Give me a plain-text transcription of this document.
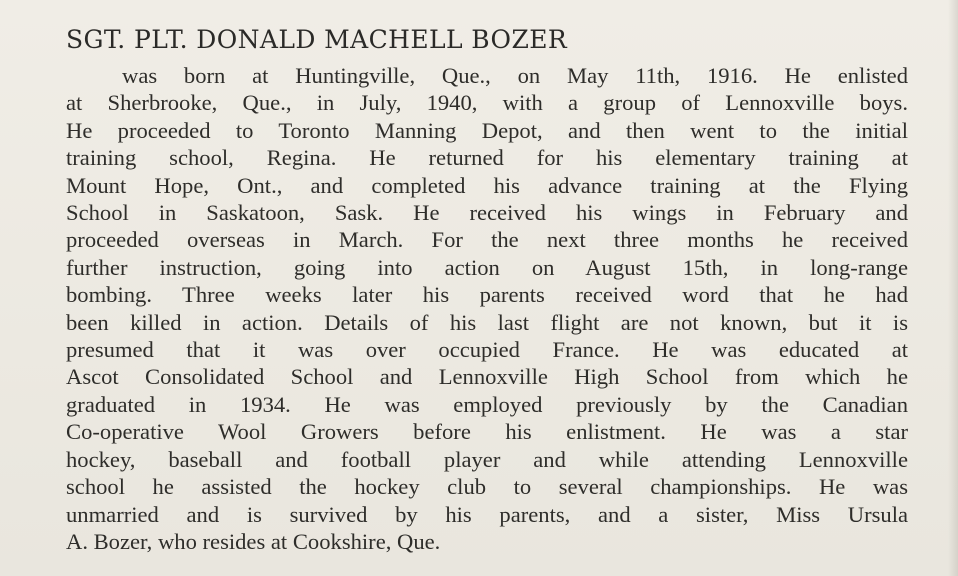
SGT. PLT. DONALD MACHELL BOZER
was born at Huntingville, Que., on May 11th, 1916. He enlisted
at Sherbrooke, Que., in July, 1940, with a group of Lennoxville boys.
He proceeded to Toronto Manning Depot, and then went to the initial
training school, Regina. He returned for his elementary training at
Mount Hope, Ont., and completed his advance training at the Flying
School in Saskatoon, Sask. He received his wings in February and
proceeded overseas in March. For the next three months he received
further instruction, going into action on August 15th, in long-range
bombing. Three weeks later his parents received word that he had
been killed in action. Details of his last flight are not known, but it is
presumed that it was over occupied France. He was educated at
Ascot Consolidated School and Lennoxville High School from which he
graduated in 1934. He was employed previously by the Canadian
Co-operative Wool Growers before his enlistment. He was a star
hockey, baseball and football player and while attending Lennoxville
school he assisted the hockey club to several championships. He was
unmarried and is survived by his parents, and a sister, Miss Ursula
A. Bozer, who resides at Cookshire, Que.
